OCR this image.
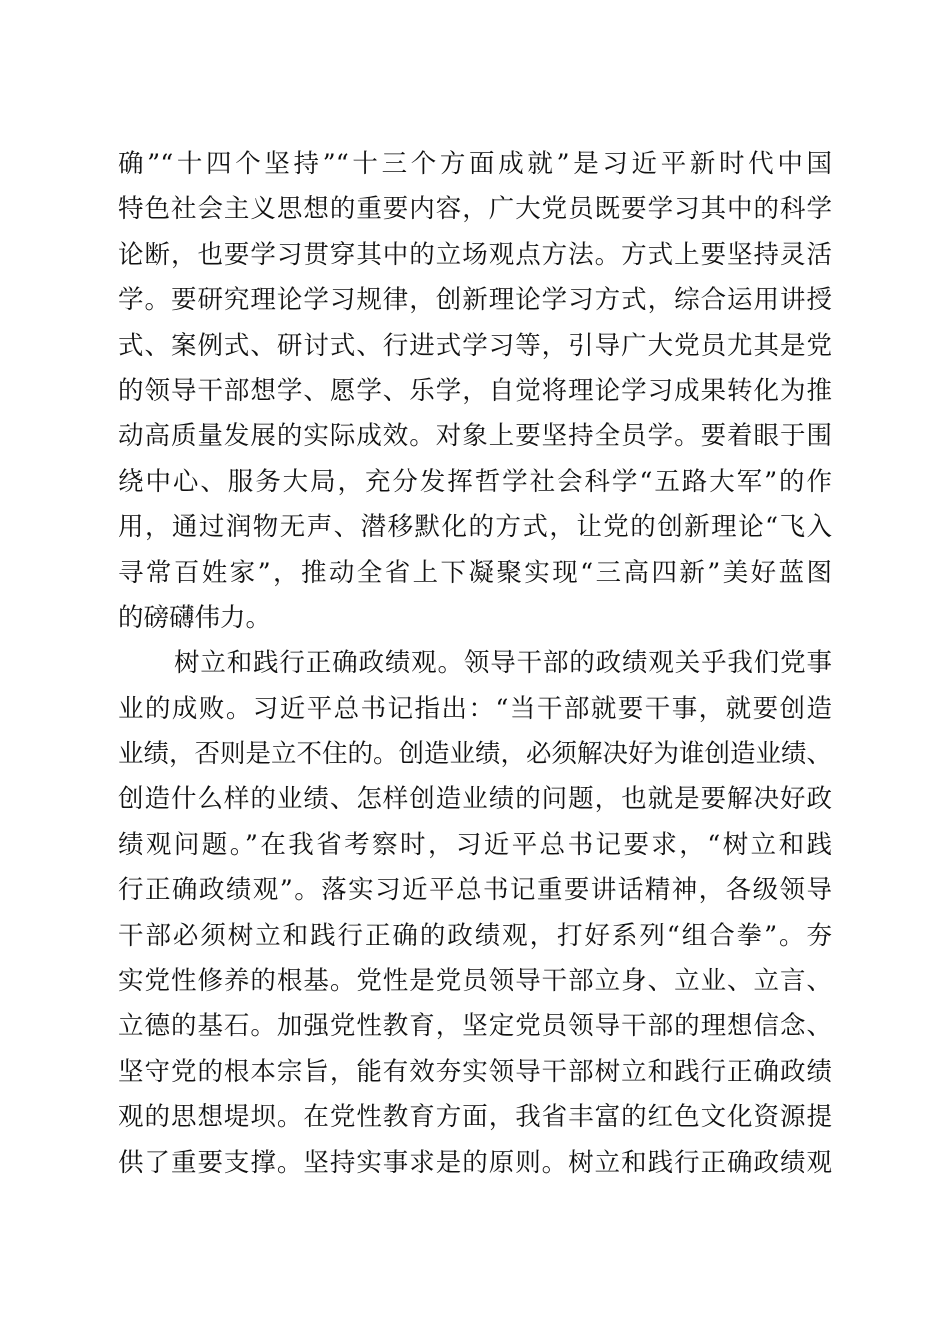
确”“十四个坚持”“十三个方面成就”是习近平新时代中国
特色社会主义思想的重要内容，广大党员既要学习其中的科学
论断，也要学习贯穿其中的立场观点方法。方式上要坚持灵活
学。要研究理论学习规律，创新理论学习方式，综合运用讲授
式、案例式、研讨式、行进式学习等，引导广大党员尤其是党
的领导干部想学、愿学、乐学，自觉将理论学习成果转化为推
动高质量发展的实际成效。对象上要坚持全员学。要着眼于围
绕中心、服务大局，充分发挥哲学社会科学“五路大军”的作
用，通过润物无声、潜移默化的方式，让党的创新理论“飞入
寻常百姓家”，推动全省上下凝聚实现“三高四新”美好蓝图
的磅礴伟力。
树立和践行正确政绩观。领导干部的政绩观关乎我们党事
业的成败。习近平总书记指出：“当干部就要干事，就要创造
业绩，否则是立不住的。创造业绩，必须解决好为谁创造业绩、
创造什么样的业绩、怎样创造业绩的问题，也就是要解决好政
绩观问题。”在我省考察时，习近平总书记要求，“树立和践
行正确政绩观”。落实习近平总书记重要讲话精神，各级领导
干部必须树立和践行正确的政绩观，打好系列“组合拳”。夯
实党性修养的根基。党性是党员领导干部立身、立业、立言、
立德的基石。加强党性教育，坚定党员领导干部的理想信念、
坚守党的根本宗旨，能有效夯实领导干部树立和践行正确政绩
观的思想堤坝。在党性教育方面，我省丰富的红色文化资源提
供了重要支撑。坚持实事求是的原则。树立和践行正确政绩观
